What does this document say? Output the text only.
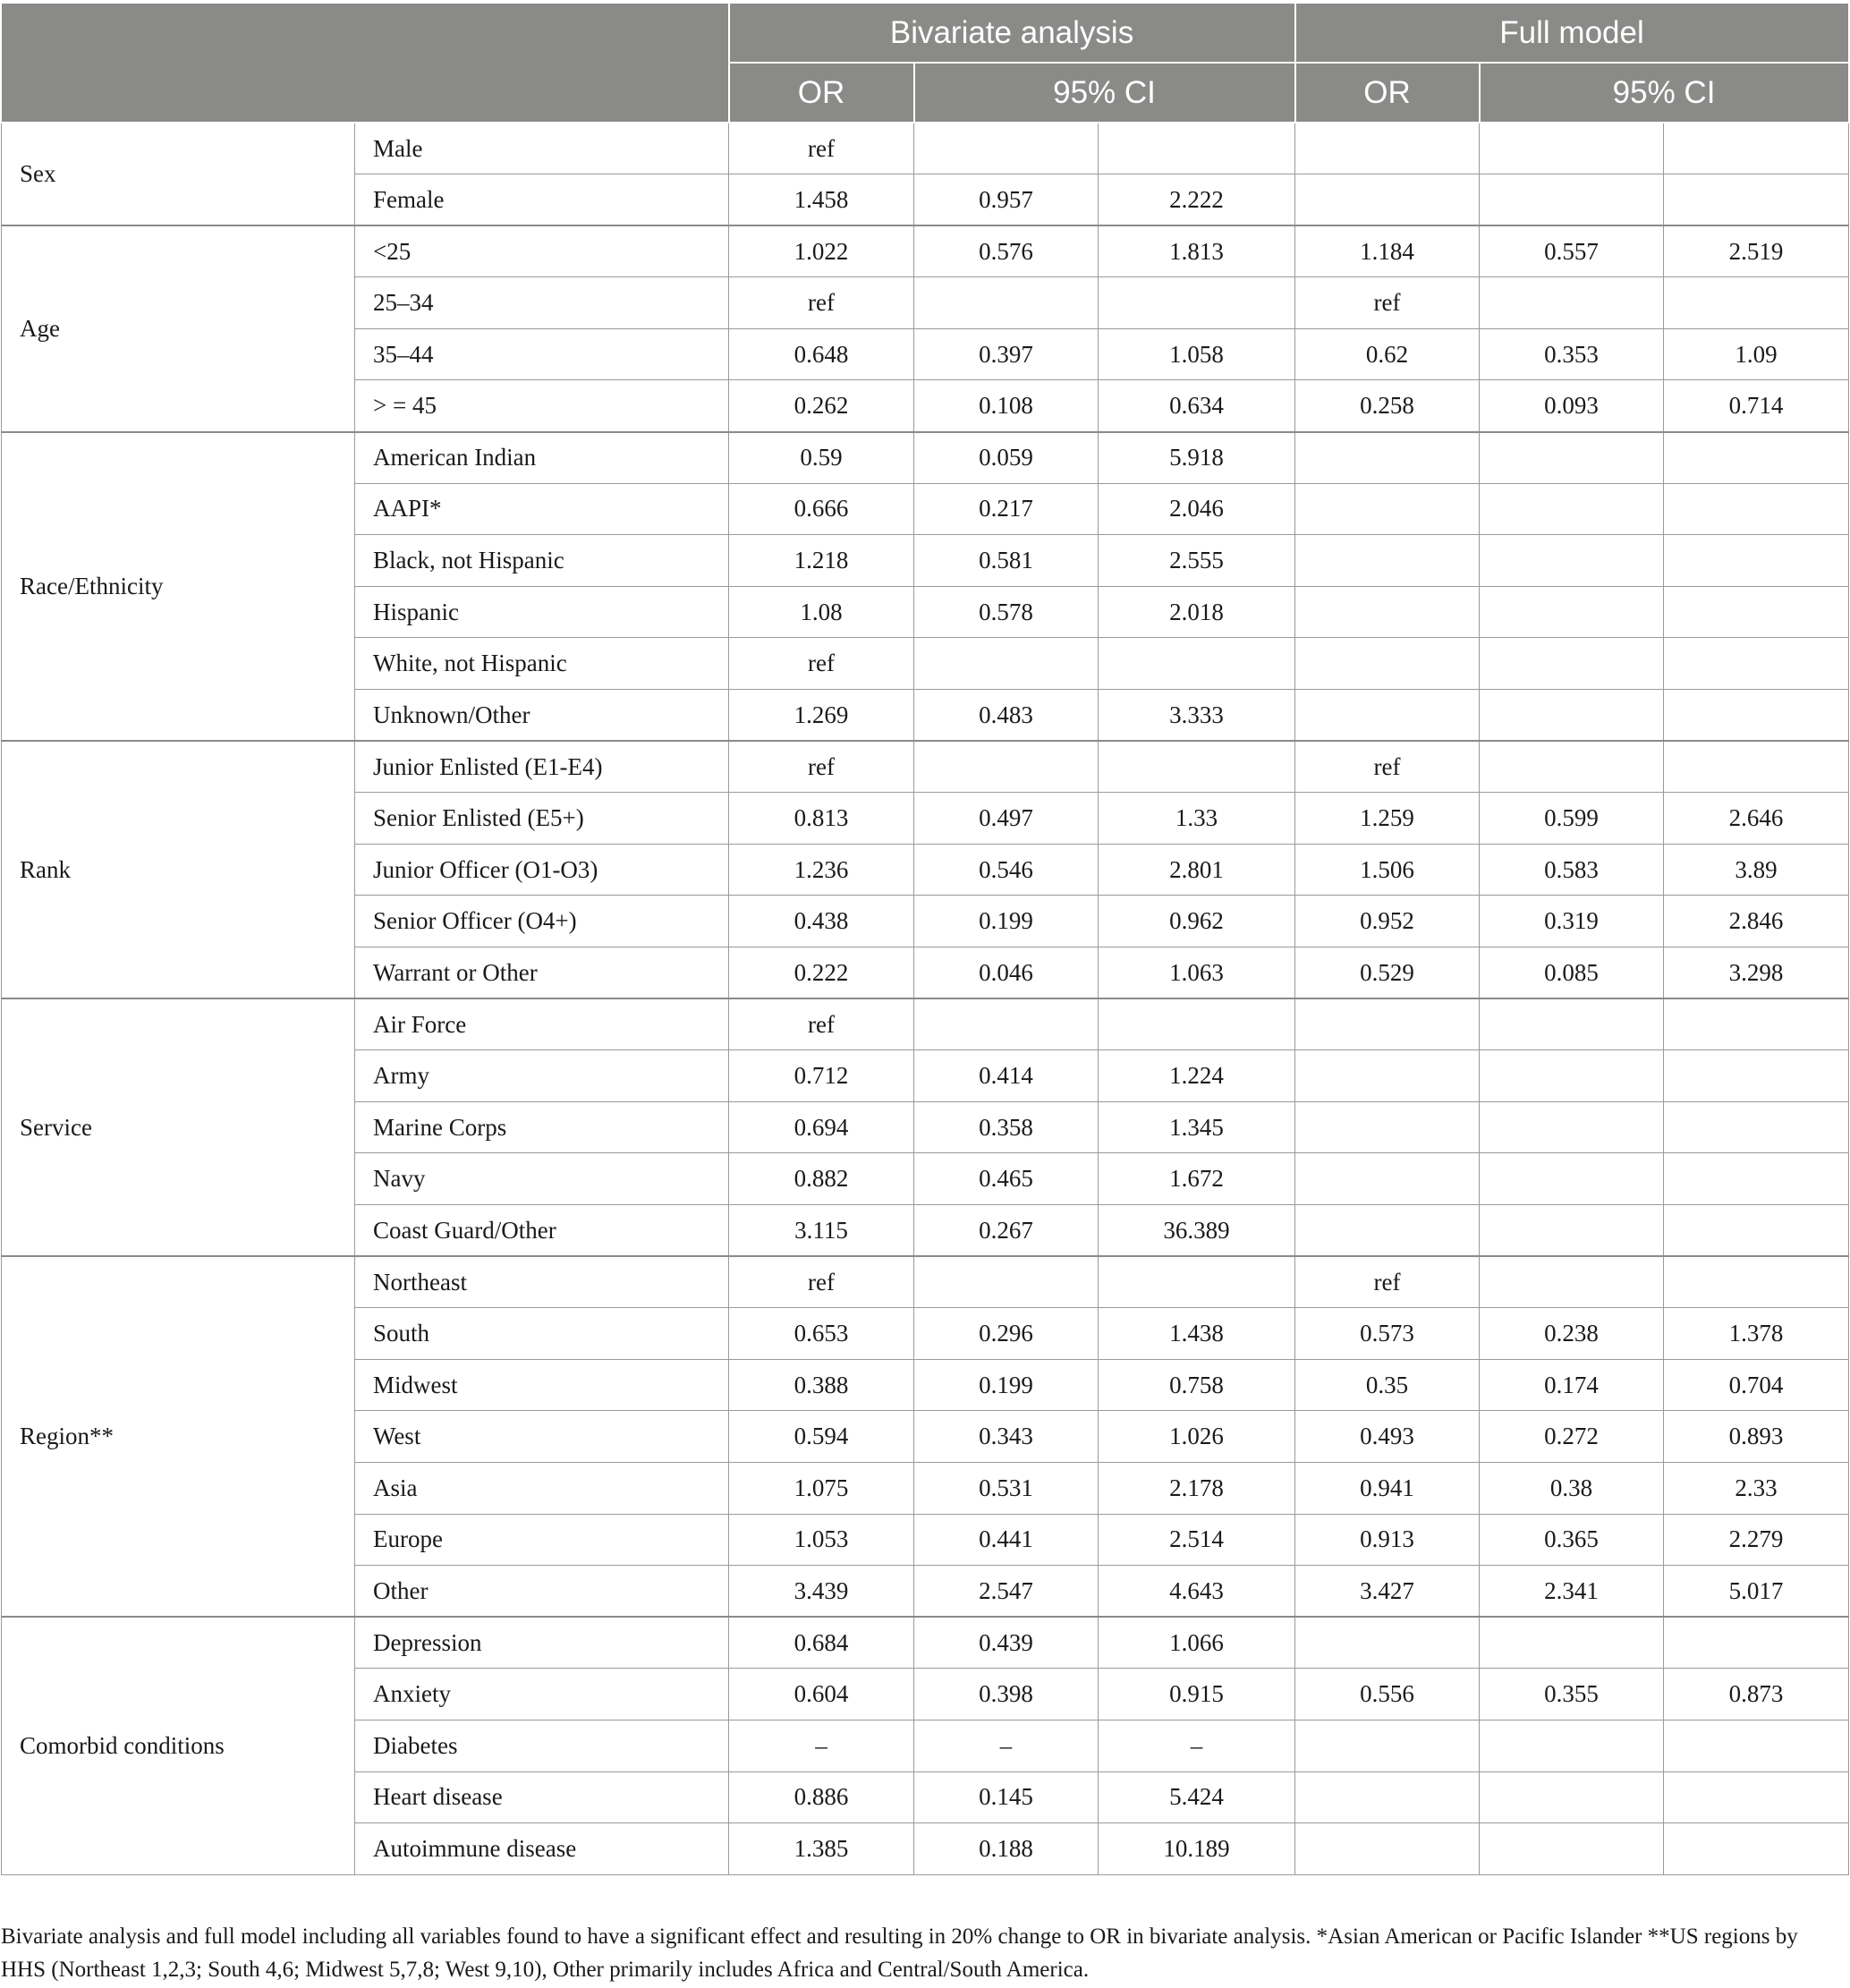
		Bivariate analysis			Full model		
		OR	95% CI		OR	95% CI	
Sex	Male	ref					
	Female	1.458	0.957	2.222			
Age	<25	1.022	0.576	1.813	1.184	0.557	2.519
	25–34	ref			ref		
	35–44	0.648	0.397	1.058	0.62	0.353	1.09
	> = 45	0.262	0.108	0.634	0.258	0.093	0.714
Race/Ethnicity	American Indian	0.59	0.059	5.918			
	AAPI*	0.666	0.217	2.046			
	Black, not Hispanic	1.218	0.581	2.555			
	Hispanic	1.08	0.578	2.018			
	White, not Hispanic	ref					
	Unknown/Other	1.269	0.483	3.333			
Rank	Junior Enlisted (E1-E4)	ref			ref		
	Senior Enlisted (E5+)	0.813	0.497	1.33	1.259	0.599	2.646
	Junior Officer (O1-O3)	1.236	0.546	2.801	1.506	0.583	3.89
	Senior Officer (O4+)	0.438	0.199	0.962	0.952	0.319	2.846
	Warrant or Other	0.222	0.046	1.063	0.529	0.085	3.298
Service	Air Force	ref					
	Army	0.712	0.414	1.224			
	Marine Corps	0.694	0.358	1.345			
	Navy	0.882	0.465	1.672			
	Coast Guard/Other	3.115	0.267	36.389			
Region**	Northeast	ref			ref		
	South	0.653	0.296	1.438	0.573	0.238	1.378
	Midwest	0.388	0.199	0.758	0.35	0.174	0.704
	West	0.594	0.343	1.026	0.493	0.272	0.893
	Asia	1.075	0.531	2.178	0.941	0.38	2.33
	Europe	1.053	0.441	2.514	0.913	0.365	2.279
	Other	3.439	2.547	4.643	3.427	2.341	5.017
Comorbid conditions	Depression	0.684	0.439	1.066			
	Anxiety	0.604	0.398	0.915	0.556	0.355	0.873
	Diabetes	–	–	–			
	Heart disease	0.886	0.145	5.424			
	Autoimmune disease	1.385	0.188	10.189			
Bivariate analysis and full model including all variables found to have a significant effect and resulting in 20% change to OR in bivariate analysis. *Asian American or Pacific Islander **US regions by HHS (Northeast 1,2,3; South 4,6; Midwest 5,7,8; West 9,10), Other primarily includes Africa and Central/South America.
